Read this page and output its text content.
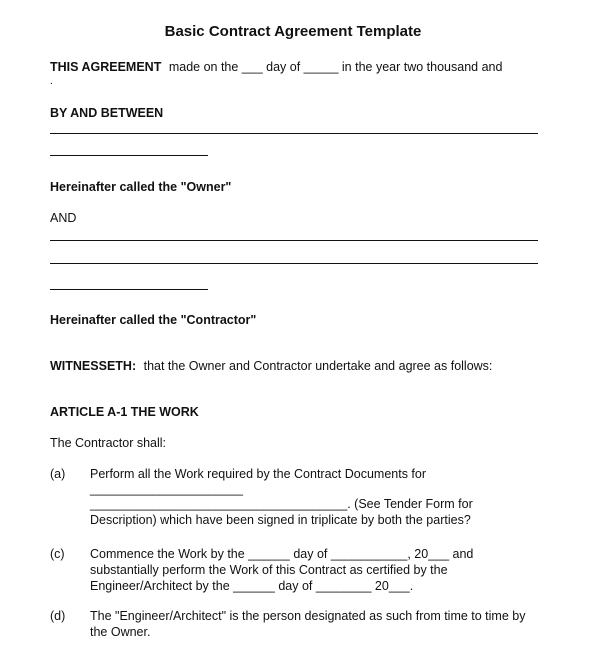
Basic Contract Agreement Template
THIS AGREEMENT made on the ___ day of _____ in the year two thousand and
.
BY AND BETWEEN
Hereinafter called the "Owner"
AND
Hereinafter called the "Contractor"
WITNESSETH: that the Owner and Contractor undertake and agree as follows:
ARTICLE A-1 THE WORK
The Contractor shall:
(a) Perform all the Work required by the Contract Documents for
______________________
_____________________________________. (See Tender Form for
Description) which have been signed in triplicate by both the parties?
(c) Commence the Work by the ______ day of ___________, 20___ and
substantially perform the Work of this Contract as certified by the
Engineer/Architect by the ______ day of ________ 20___.
(d) The "Engineer/Architect" is the person designated as such from time to time by
the Owner.
